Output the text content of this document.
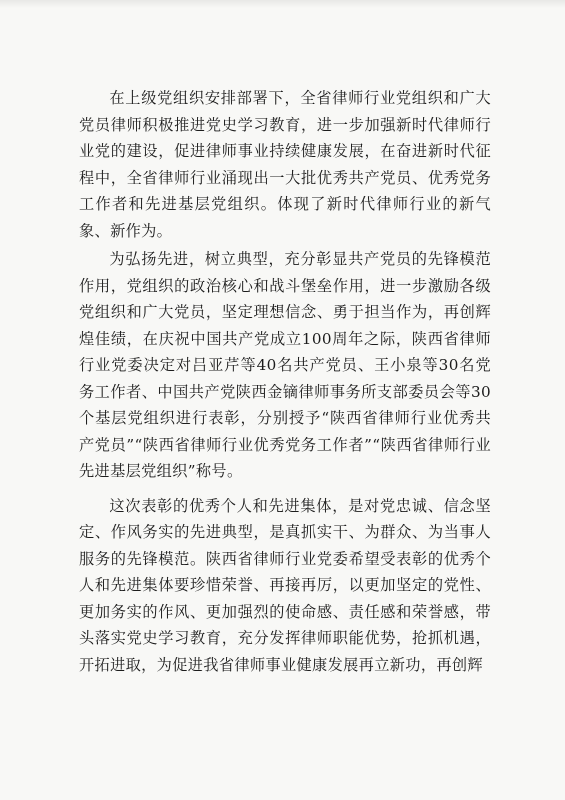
在上级党组织安排部署下，全省律师行业党组织和广大党员律师积极推进党史学习教育，进一步加强新时代律师行业党的建设，促进律师事业持续健康发展，在奋进新时代征程中，全省律师行业涌现出一大批优秀共产党员、优秀党务工作者和先进基层党组织。体现了新时代律师行业的新气象、新作为。

为弘扬先进，树立典型，充分彰显共产党员的先锋模范作用，党组织的政治核心和战斗堡垒作用，进一步激励各级党组织和广大党员，坚定理想信念、勇于担当作为，再创辉煌佳绩，在庆祝中国共产党成立100周年之际，陕西省律师行业党委决定对吕亚芹等40名共产党员、王小泉等30名党务工作者、中国共产党陕西金镝律师事务所支部委员会等30个基层党组织进行表彰，分别授予“陕西省律师行业优秀共产党员”“陕西省律师行业优秀党务工作者”“陕西省律师行业先进基层党组织”称号。

这次表彰的优秀个人和先进集体，是对党忠诚、信念坚定、作风务实的先进典型，是真抓实干、为群众、为当事人服务的先锋模范。陕西省律师行业党委希望受表彰的优秀个人和先进集体要珍惜荣誉、再接再厉，以更加坚定的党性、更加务实的作风、更加强烈的使命感、责任感和荣誉感，带头落实党史学习教育，充分发挥律师职能优势，抢抓机遇，开拓进取，为促进我省律师事业健康发展再立新功，再创辉
